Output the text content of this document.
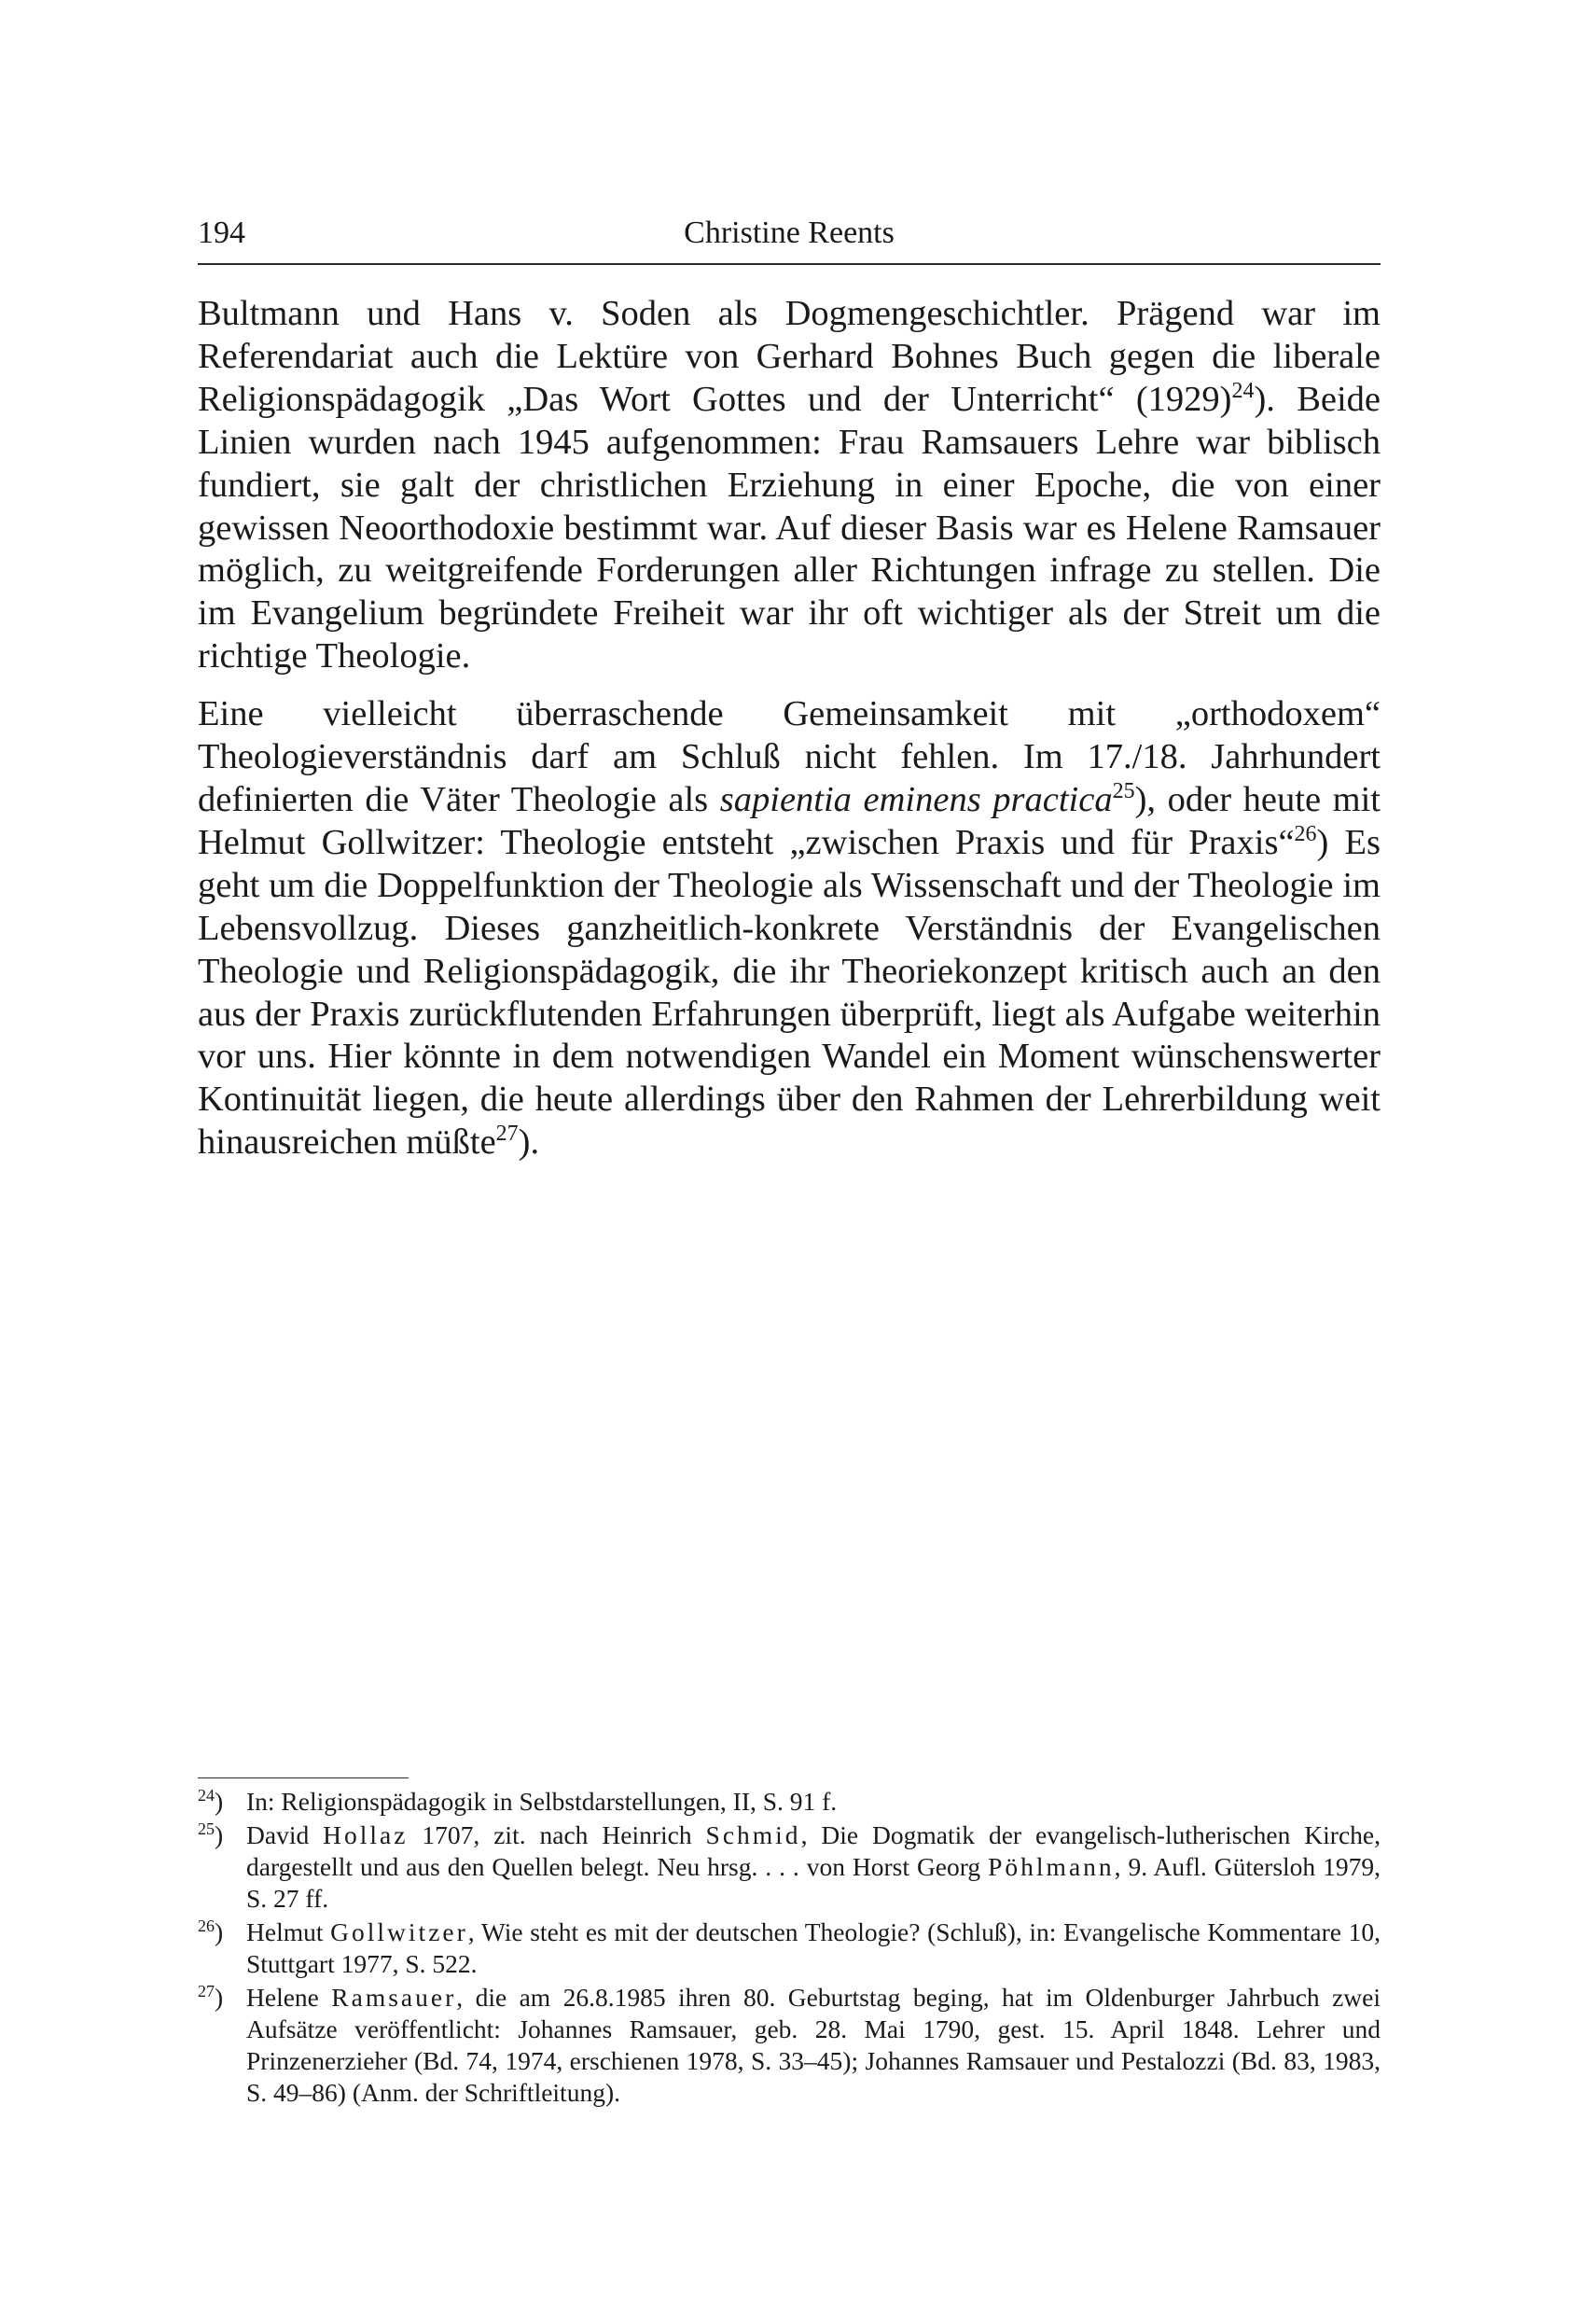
194	Christine Reents

Bultmann und Hans v. Soden als Dogmengeschichtler. Prägend war im Referendariat auch die Lektüre von Gerhard Bohnes Buch gegen die liberale Religionspädagogik „Das Wort Gottes und der Unterricht“ $(1929)^{24}$). Beide Linien wurden nach 1945 aufgenommen: Frau Ramsauers Lehre war biblisch fundiert, sie galt der christlichen Erziehung in einer Epoche, die von einer gewissen Neoorthodoxie bestimmt war. Auf dieser Basis war es Helene Ramsauer möglich, zu weitgreifende Forderungen aller Richtungen infrage zu stellen. Die im Evangelium begründete Freiheit war ihr oft wichtiger als der Streit um die richtige Theologie.

Eine vielleicht überraschende Gemeinsamkeit mit „orthodoxem“ Theologieverständnis darf am Schluß nicht fehlen. Im 17./18. Jahrhundert definierten die Väter Theologie als sapientia eminens practica$^{25}$), oder heute mit Helmut Gollwitzer: Theologie entsteht „zwischen Praxis und für Praxis“$^{26}$) Es geht um die Doppelfunktion der Theologie als Wissenschaft und der Theologie im Lebensvollzug. Dieses ganzheitlich-konkrete Verständnis der Evangelischen Theologie und Religionspädagogik, die ihr Theoriekonzept kritisch auch an den aus der Praxis zurückflutenden Erfahrungen überprüft, liegt als Aufgabe weiterhin vor uns. Hier könnte in dem notwendigen Wandel ein Moment wünschenswerter Kontinuität liegen, die heute allerdings über den Rahmen der Lehrerbildung weit hinausreichen müßte$^{27}$).

$^{24}$) In: Religionspädagogik in Selbstdarstellungen, II, S. 91 f.
$^{25}$) David Hollaz 1707, zit. nach Heinrich Schmid, Die Dogmatik der evangelisch-lutherischen Kirche, dargestellt und aus den Quellen belegt. Neu hrsg. . . . von Horst Georg Pöhlmann, 9. Aufl. Gütersloh 1979, S. 27 ff.
$^{26}$) Helmut Gollwitzer, Wie steht es mit der deutschen Theologie? (Schluß), in: Evangelische Kommentare 10, Stuttgart 1977, S. 522.
$^{27}$) Helene Ramsauer, die am 26.8.1985 ihren 80. Geburtstag beging, hat im Oldenburger Jahrbuch zwei Aufsätze veröffentlicht: Johannes Ramsauer, geb. 28. Mai 1790, gest. 15. April 1848. Lehrer und Prinzenerzieher (Bd. 74, 1974, erschienen 1978, S. 33–45); Johannes Ramsauer und Pestalozzi (Bd. 83, 1983, S. 49–86) (Anm. der Schriftleitung).
